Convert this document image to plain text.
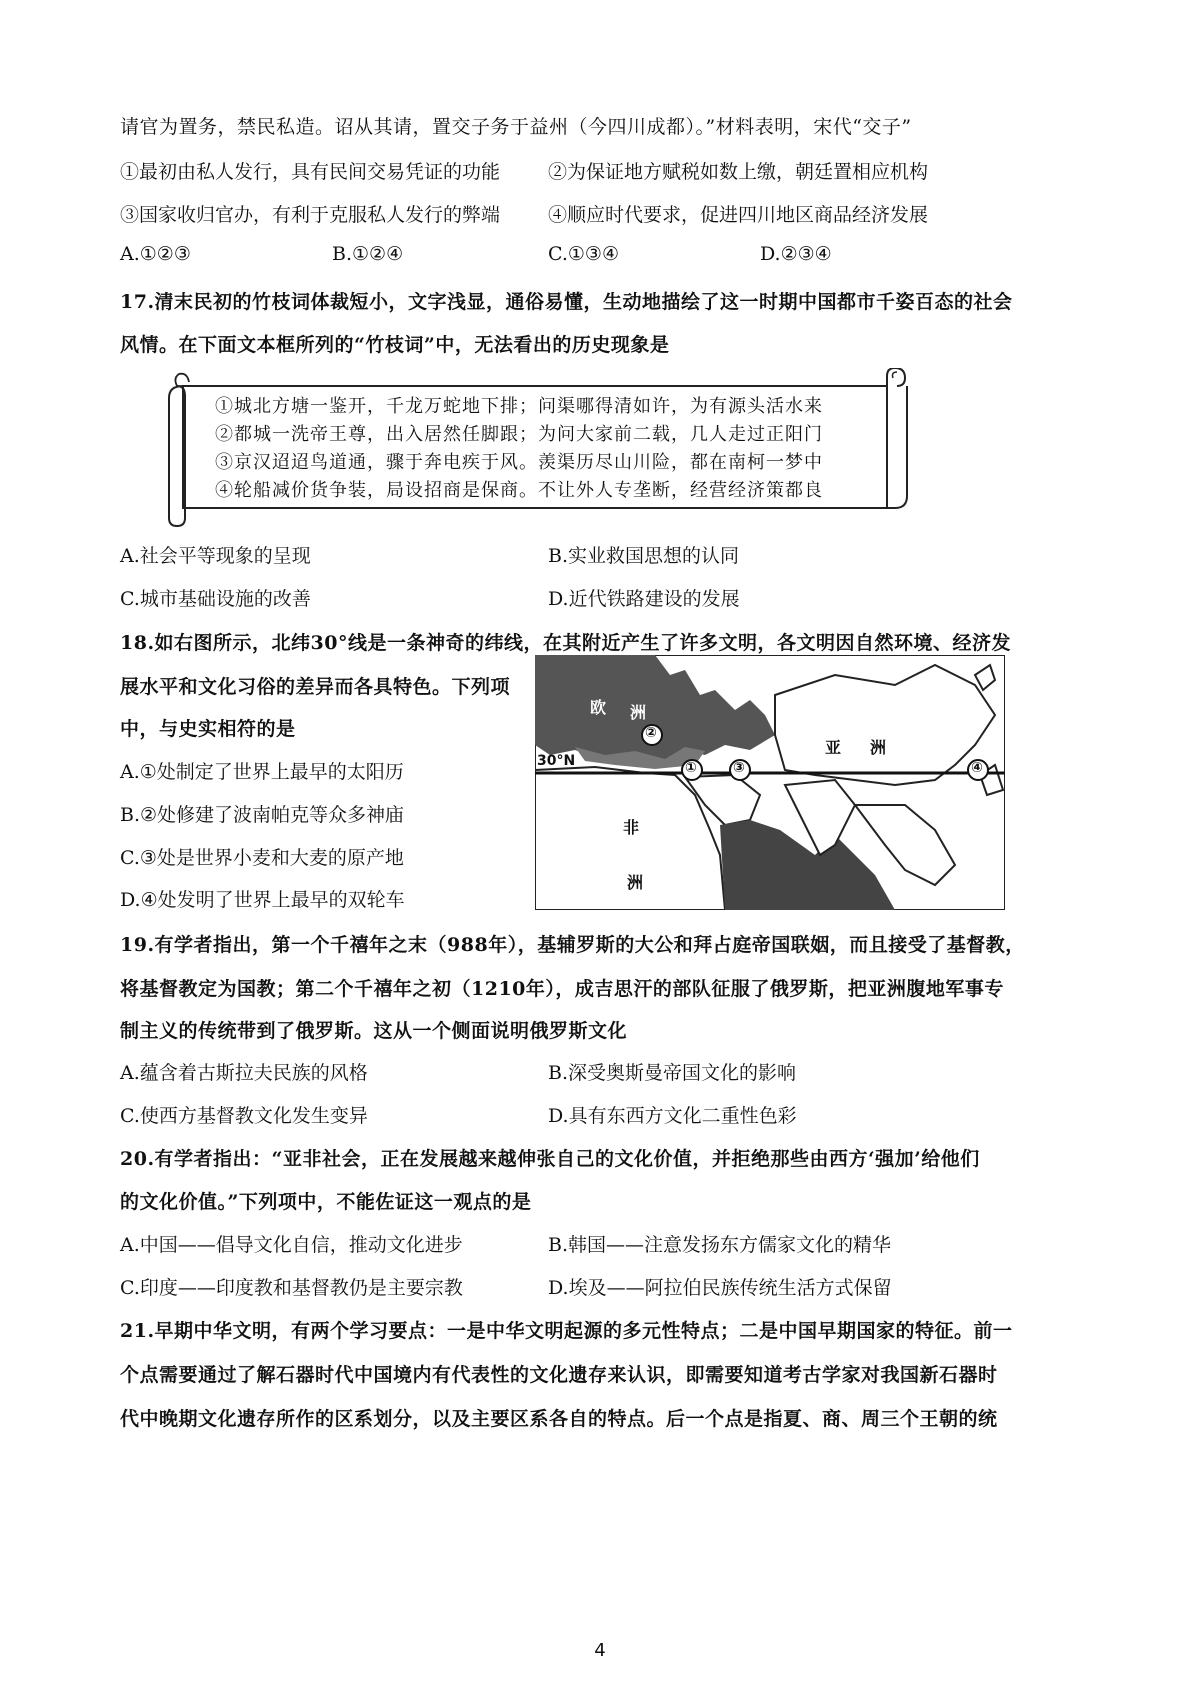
请官为置务，禁民私造。诏从其请，置交子务于益州（今四川成都）。”材料表明，宋代“交子”
①最初由私人发行，具有民间交易凭证的功能	②为保证地方赋税如数上缴，朝廷置相应机构
③国家收归官办，有利于克服私人发行的弊端	④顺应时代要求，促进四川地区商品经济发展
A.①②③	B.①②④	C.①③④	D.②③④
17.清末民初的竹枝词体裁短小，文字浅显，通俗易懂，生动地描绘了这一时期中国都市千姿百态的社会
风情。在下面文本框所列的“竹枝词”中，无法看出的历史现象是
①城北方塘一鉴开，千龙万蛇地下排；问渠哪得清如许，为有源头活水来
②都城一洗帝王尊，出入居然任脚跟；为问大家前二载，几人走过正阳门
③京汉迢迢鸟道通，骤于奔电疾于风。羡渠历尽山川险，都在南柯一梦中
④轮船减价货争装，局设招商是保商。不让外人专垄断，经营经济策都良
A.社会平等现象的呈现	B.实业救国思想的认同
C.城市基础设施的改善	D.近代铁路建设的发展
18.如右图所示，北纬30°线是一条神奇的纬线，在其附近产生了许多文明，各文明因自然环境、经济发
展水平和文化习俗的差异而各具特色。下列项
中，与史实相符的是
A.①处制定了世界上最早的太阳历
B.②处修建了波南帕克等众多神庙
C.③处是世界小麦和大麦的原产地
D.④处发明了世界上最早的双轮车
欧 洲
亚 洲
非
洲
30°N	①
②
③	④
19.有学者指出，第一个千禧年之末（988年），基辅罗斯的大公和拜占庭帝国联姻，而且接受了基督教，
将基督教定为国教；第二个千禧年之初（1210年），成吉思汗的部队征服了俄罗斯，把亚洲腹地军事专
制主义的传统带到了俄罗斯。这从一个侧面说明俄罗斯文化
A.蕴含着古斯拉夫民族的风格	B.深受奥斯曼帝国文化的影响
C.使西方基督教文化发生变异	D.具有东西方文化二重性色彩
20.有学者指出：“亚非社会，正在发展越来越伸张自己的文化价值，并拒绝那些由西方‘强加’给他们
的文化价值。”下列项中，不能佐证这一观点的是
A.中国——倡导文化自信，推动文化进步	B.韩国——注意发扬东方儒家文化的精华
C.印度——印度教和基督教仍是主要宗教	D.埃及——阿拉伯民族传统生活方式保留
21.早期中华文明，有两个学习要点：一是中华文明起源的多元性特点；二是中国早期国家的特征。前一
个点需要通过了解石器时代中国境内有代表性的文化遗存来认识，即需要知道考古学家对我国新石器时
代中晚期文化遗存所作的区系划分，以及主要区系各自的特点。后一个点是指夏、商、周三个王朝的统
4
